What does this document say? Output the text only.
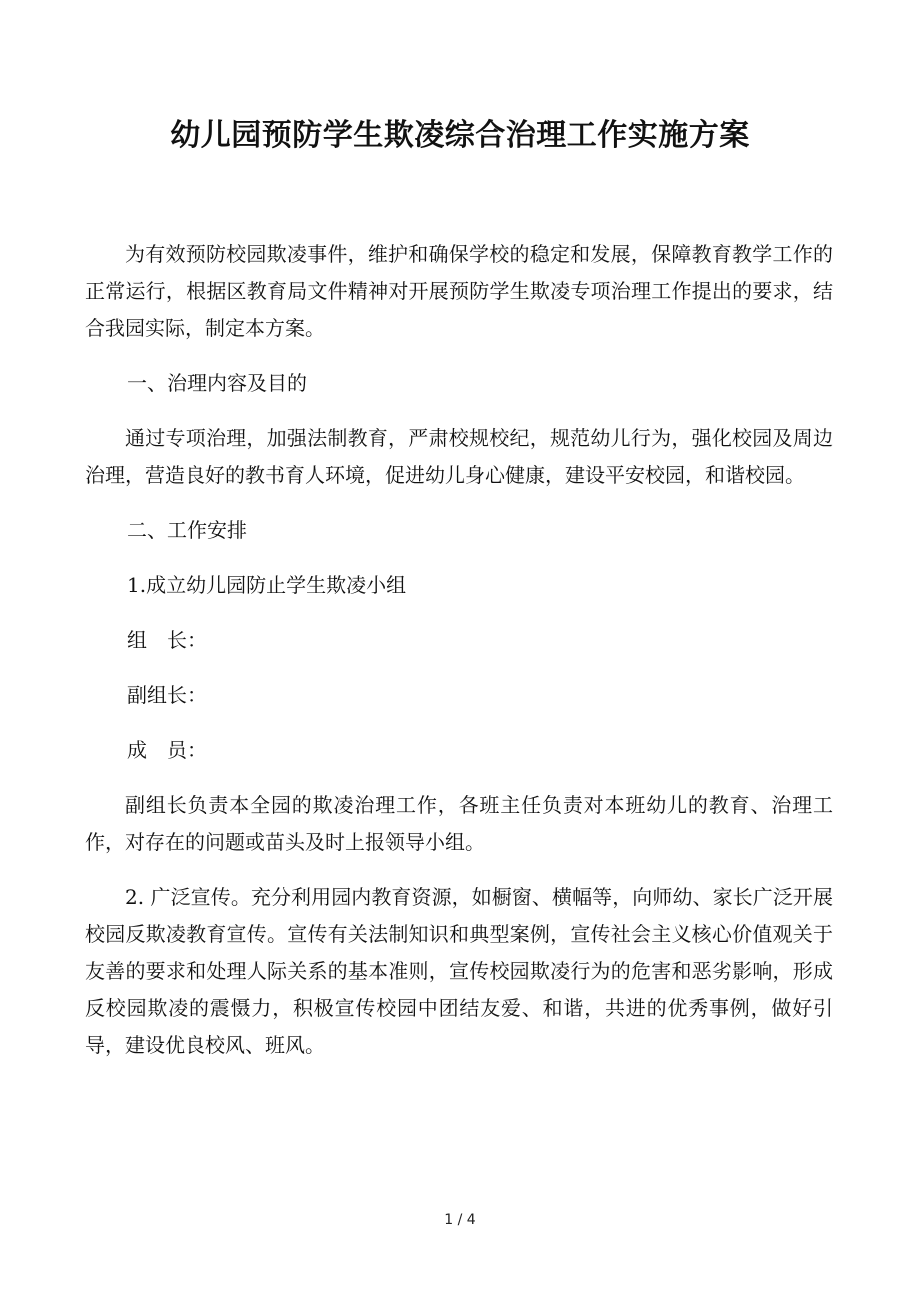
幼儿园预防学生欺凌综合治理工作实施方案

为有效预防校园欺凌事件，维护和确保学校的稳定和发展，保障教育教学工作的正常运行，根据区教育局文件精神对开展预防学生欺凌专项治理工作提出的要求，结合我园实际，制定本方案。

一、治理内容及目的

通过专项治理，加强法制教育，严肃校规校纪，规范幼儿行为，强化校园及周边治理，营造良好的教书育人环境，促进幼儿身心健康，建设平安校园，和谐校园。

二、工作安排

1.成立幼儿园防止学生欺凌小组

组　长：

副组长：

成　员：

副组长负责本全园的欺凌治理工作，各班主任负责对本班幼儿的教育、治理工作，对存在的问题或苗头及时上报领导小组。

2. 广泛宣传。充分利用园内教育资源，如橱窗、横幅等，向师幼、家长广泛开展校园反欺凌教育宣传。宣传有关法制知识和典型案例，宣传社会主义核心价值观关于友善的要求和处理人际关系的基本准则，宣传校园欺凌行为的危害和恶劣影响，形成反校园欺凌的震慑力，积极宣传校园中团结友爱、和谐，共进的优秀事例，做好引导，建设优良校风、班风。

1 / 4
